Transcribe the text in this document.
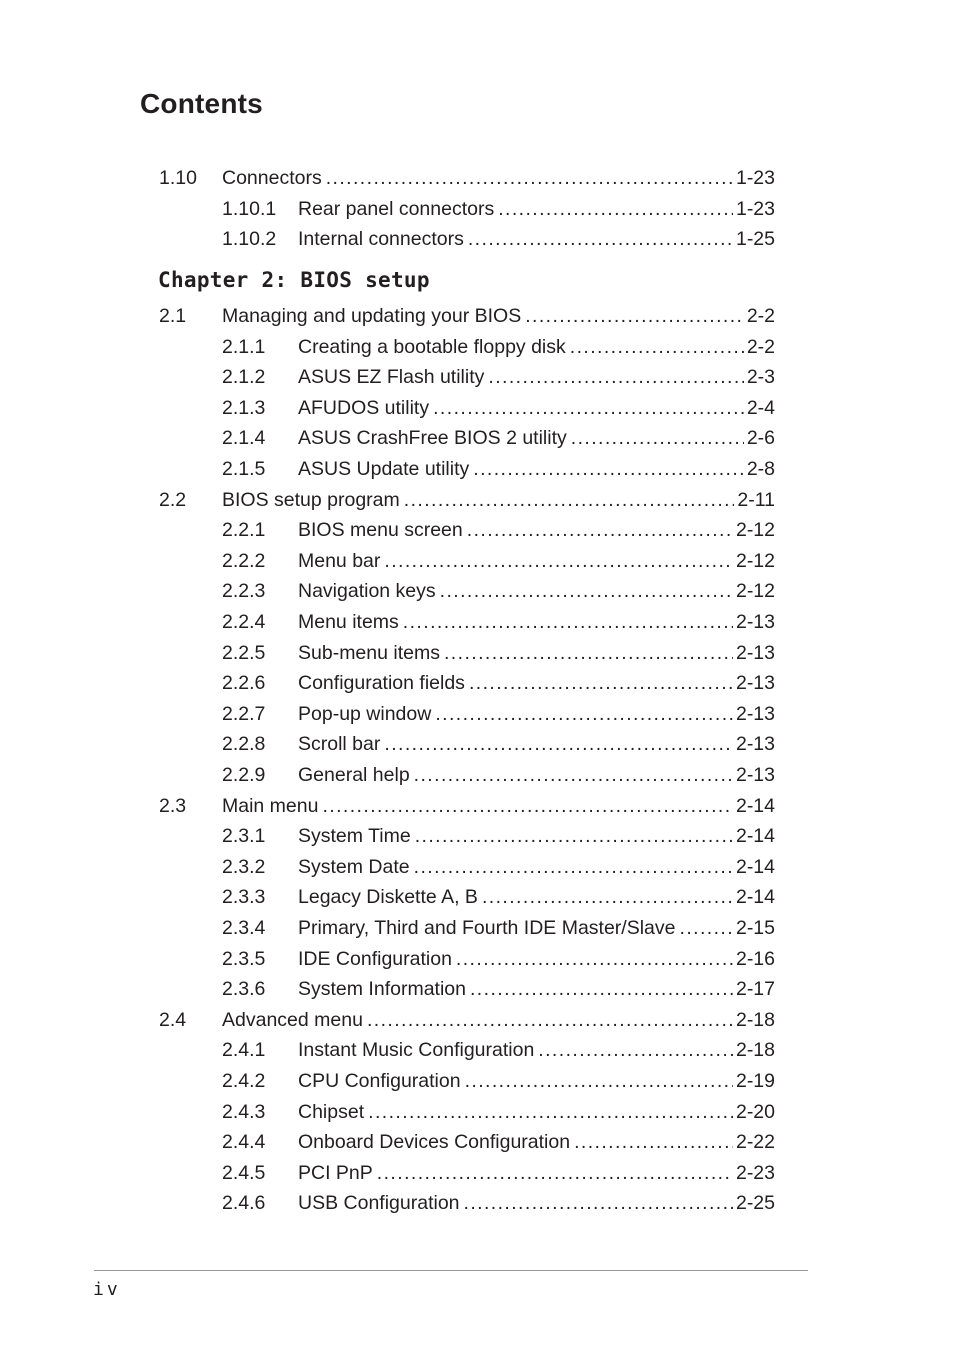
Contents
1.10 Connectors .....	1-23
1.10.1 Rear panel connectors .....	1-23
1.10.2 Internal connectors .....	1-25
2.1 Managing and updating your BIOS .....	2-2
2.1.1 Creating a bootable floppy disk .....	2-2
2.1.2 ASUS EZ Flash utility .....	2-3
2.1.3 AFUDOS utility .....	2-4
2.1.4 ASUS CrashFree BIOS 2 utility .....	2-6
2.1.5 ASUS Update utility .....	2-8
2.2 BIOS setup program .....	2-11
2.2.1 BIOS menu screen .....	2-12
2.2.2 Menu bar .....	2-12
2.2.3 Navigation keys .....	2-12
2.2.4 Menu items .....	2-13
2.2.5 Sub-menu items .....	2-13
2.2.6 Configuration fields .....	2-13
2.2.7 Pop-up window .....	2-13
2.2.8 Scroll bar .....	2-13
2.2.9 General help .....	2-13
2.3 Main menu .....	2-14
2.3.1 System Time .....	2-14
2.3.2 System Date .....	2-14
2.3.3 Legacy Diskette A, B .....	2-14
2.3.4 Primary, Third and Fourth IDE Master/Slave .....	2-15
2.3.5 IDE Configuration .....	2-16
2.3.6 System Information .....	2-17
2.4 Advanced menu .....	2-18
2.4.1 Instant Music Configuration .....	2-18
2.4.2 CPU Configuration .....	2-19
2.4.3 Chipset .....	2-20
2.4.4 Onboard Devices Configuration .....	2-22
2.4.5 PCI PnP .....	2-23
2.4.6 USB Configuration .....	2-25
Chapter 2: BIOS setup
iv
